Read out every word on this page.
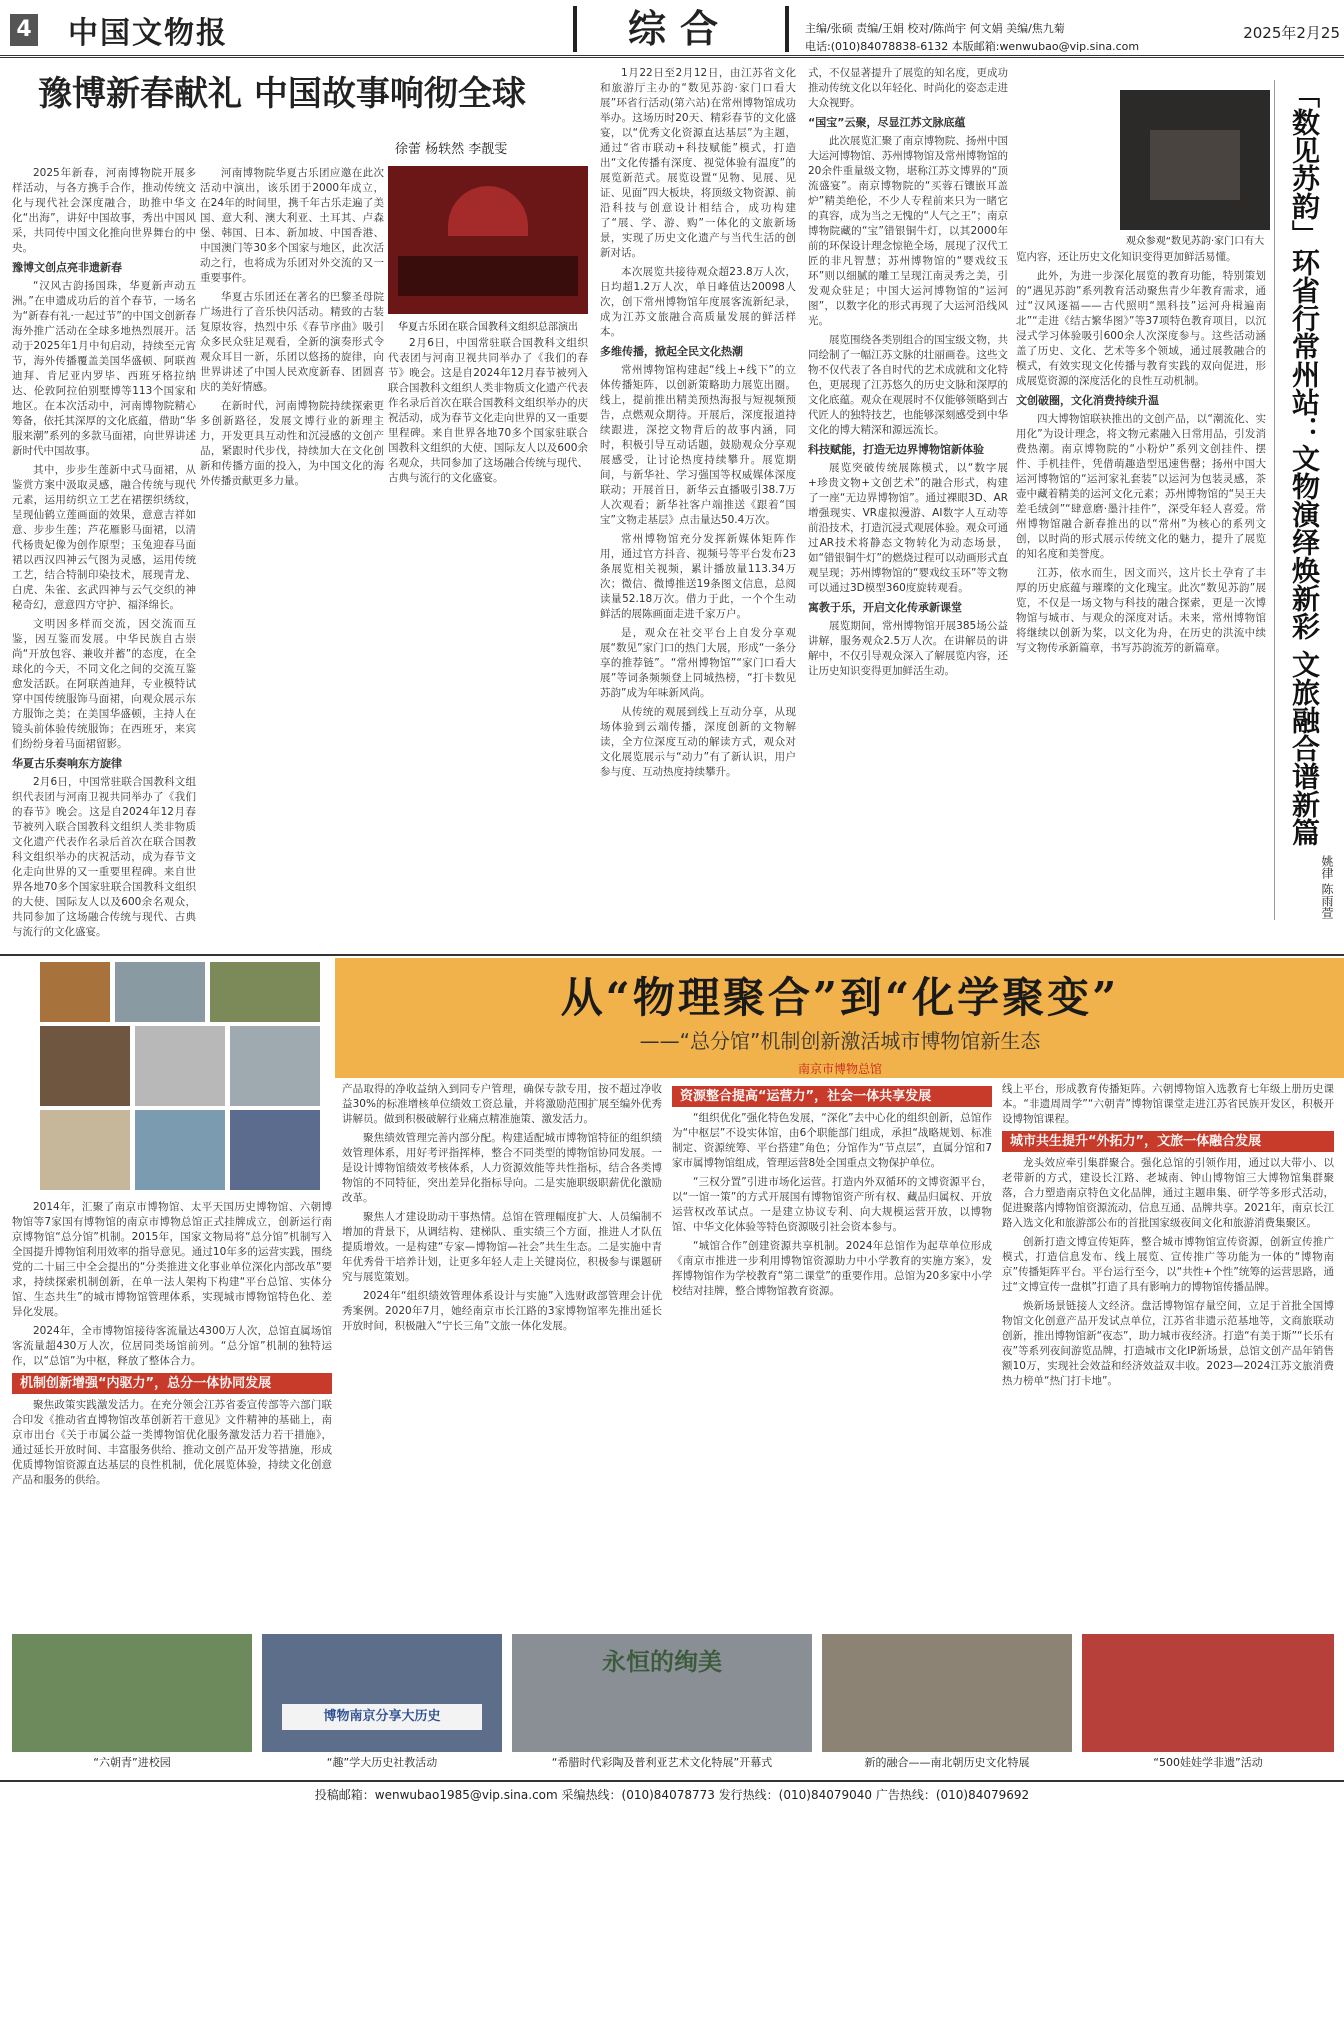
4 中国文物报	综合	主编/张硕 责编/王娟 校对/陈尚宇 何文娟 美编/焦九菊
电话:(010)84078838-6132 本版邮箱:wenwubao@vip.sina.com
2025年2月25
豫博新春献礼 中国故事响彻全球
徐蕾 杨轶然 李靓雯

2025年新春，河南博物院开展多样活动，与各方携手合作，推动传统文化与现代社会深度融合，助推中华文化“出海”，讲好中国故事，秀出中国风采，共同传中国文化推向世界舞台的中央。

豫博文创点亮非遗新春

“汉风古韵扬国珠，华夏新声动五洲。”在申遗成功后的首个春节，一场名为“新春有礼·一起过节”的中国文创新春海外推广活动在全球多地热烈展开。活动于2025年1月中旬启动，持续至元宵节，海外传播覆盖美国华盛顿、阿联酋迪拜、肯尼亚内罗毕、西班牙格拉纳达、伦敦阿拉伯别墅博等113个国家和地区。在本次活动中，河南博物院精心筹备，依托其深厚的文化底蕴，借助“华服来潮”系列的多款马面裙，向世界讲述新时代中国故事。

其中，步步生莲新中式马面裙，从鉴赏方案中汲取灵感，融合传统与现代元素，运用纺织立工艺在裙摆织绣纹，呈现仙鹤立莲画面的效果，意意吉祥如意、步步生莲；芦花雁影马面裙，以清代杨贵妃像为创作原型；玉兔迎春马面裙以西汉四神云气图为灵感，运用传统工艺，结合特制印染技术，展现青龙、白虎、朱雀、玄武四神与云气交织的神秘奇幻，意意四方守护、福泽绵长。

文明因多样而交流，因交流而互鉴，因互鉴而发展。中华民族自古崇尚“开放包容、兼收并蓄”的态度，在全球化的今天，不同文化之间的交流互鉴愈发活跃。在阿联酋迪拜，专业模特试穿中国传统服饰马面裙，向观众展示东方服饰之美；在美国华盛顿，主持人在镜头前体验传统服饰；在西班牙，来宾们纷纷身着马面裙留影。

华夏古乐奏响东方旋律

2月6日，中国常驻联合国教科文组织代表团与河南卫视共同举办了《我们的春节》晚会。这是自2024年12月春节被列入联合国教科文组织人类非物质文化遗产代表作名录后首次在联合国教科文组织举办的庆祝活动，成为春节文化走向世界的又一重要里程碑。来自世界各地70多个国家驻联合国教科文组织的大使、国际友人以及600余名观众，共同参加了这场融合传统与现代、古典与流行的文化盛宴。

河南博物院华夏古乐团应邀在此次活动中演出，该乐团于2000年成立，在24年的时间里，携千年古乐走遍了美国、意大利、澳大利亚、土耳其、卢森堡、韩国、日本、新加坡、中国香港、中国澳门等30多个国家与地区，此次活动之行，也将成为乐团对外交流的又一重要事件。

华夏古乐团还在著名的巴黎圣母院广场进行了音乐快闪活动。精致的古装复原妆容，热烈中乐《春节序曲》吸引众多民众驻足观看，全新的演奏形式令观众耳目一新，乐团以悠扬的旋律，向世界讲述了中国人民欢度新春、团圆喜庆的美好情感。

在新时代，河南博物院持续探索更多创新路径，发展文博行业的新理主力，开发更具互动性和沉浸感的文创产品，紧跟时代步伐，持续加大在文化创新和传播方面的投入，为中国文化的海外传播贡献更多力量。

华夏古乐团在联合国教科文组织总部演出

2月6日，中国常驻联合国教科文组织代表团与河南卫视共同举办了《我们的春节》晚会。这是自2024年12月春节被列入联合国教科文组织人类非物质文化遗产代表作名录后首次在联合国教科文组织举办的庆祝活动，成为春节文化走向世界的又一重要里程碑。来自世界各地70多个国家驻联合国教科文组织的大使、国际友人以及600余名观众，共同参加了这场融合传统与现代、古典与流行的文化盛宴。

1月22日至2月12日，由江苏省文化和旅游厅主办的“数见苏韵·家门口看大展”环省行活动(第六站)在常州博物馆成功举办。这场历时20天、精彩春节的文化盛宴，以“优秀文化资源直达基层”为主题，通过“省市联动+科技赋能”模式，打造出“文化传播有深度、视觉体验有温度”的展览新范式。展览设置“见物、见展、见证、见面”四大板块，将顶级文物资源、前沿科技与创意设计相结合，成功构建了“展、学、游、购”一体化的文旅新场景，实现了历史文化遗产与当代生活的创新对话。

本次展览共接待观众超23.8万人次，日均超1.2万人次，单日峰值达20098人次，创下常州博物馆年度展客流新纪录，成为江苏文旅融合高质量发展的鲜活样本。

多维传播，掀起全民文化热潮

常州博物馆构建起“线上+线下”的立体传播矩阵，以创新策略助力展览出圈。线上，提前推出精美预热海报与短视频预告，点燃观众期待。开展后，深度报道持续跟进，深挖文物背后的故事内涵，同时，积极引导互动话题，鼓励观众分享观展感受，让讨论热度持续攀升。展览期间，与新华社、学习强国等权威媒体深度联动；开展首日，新华云直播吸引38.7万人次观看；新华社客户端推送《跟着“国宝”文物走基层》点击量达50.4万次。

常州博物馆充分发挥新媒体矩阵作用，通过官方抖音、视频号等平台发布23条展览相关视频，累计播放量113.34万次；微信、微博推送19条图文信息，总阅读量52.18万次。借力于此，一个个生动鲜活的展陈画面走进千家万户。

是，观众在社交平台上自发分享观展“数见”家门口的热门大展，形成“一条分享的推荐链”。“常州博物馆”“家门口看大展”等词条频频登上同城热榜，“打卡数见苏韵”成为年味新风尚。

从传统的观展到线上互动分享，从现场体验到云端传播，深度创新的文物解读，全方位深度互动的解读方式，观众对文化展览展示与“动力”有了新认识，用户参与度、互动热度持续攀升。

式，不仅显著提升了展览的知名度，更成功推动传统文化以年轻化、时尚化的姿态走进大众视野。

“国宝”云聚，尽显江苏文脉底蕴

此次展览汇聚了南京博物院、扬州中国大运河博物馆、苏州博物馆及常州博物馆的20余件重量级文物，堪称江苏文博界的“顶流盛宴”。南京博物院的“买蓉石镶嵌耳盖炉”精美绝伦，不少人专程前来只为一睹它的真容，成为当之无愧的“人气之王”；南京博物院藏的“宝”错银铜牛灯，以其2000年前的环保设计理念惊艳全场，展现了汉代工匠的非凡智慧；苏州博物馆的“婴戏纹玉环”则以细腻的雕工呈现江南灵秀之美，引发观众驻足；中国大运河博物馆的“运河图”，以数字化的形式再现了大运河沿线风光。

展览围绕各类别组合的国宝级文物，共同绘制了一幅江苏文脉的壮丽画卷。这些文物不仅代表了各自时代的艺术成就和文化特色，更展现了江苏悠久的历史文脉和深厚的文化底蕴。观众在观展时不仅能够领略到古代匠人的独特技艺，也能够深刻感受到中华文化的博大精深和源远流长。

科技赋能，打造无边界博物馆新体验

展览突破传统展陈模式，以“数字展+珍贵文物+文创艺术”的融合形式，构建了一座“无边界博物馆”。通过裸眼3D、AR增强现实、VR虚拟漫游、AI数字人互动等前沿技术，打造沉浸式观展体验。观众可通过AR技术将静态文物转化为动态场景，如“错银铜牛灯”的燃烧过程可以动画形式直观呈现；苏州博物馆的“婴戏纹玉环”等文物可以通过3D模型360度旋转观看。

寓教于乐，开启文化传承新课堂

展览期间，常州博物馆开展385场公益讲解，服务观众2.5万人次。在讲解员的讲解中，不仅引导观众深入了解展览内容，还让历史知识变得更加鲜活生动。	「数见苏韵」环省行常州站：文物演绎焕新彩 文旅融合谱新篇
观众参观“数见苏韵·家门口有大

览内容，还让历史文化知识变得更加鲜活易懂。

此外，为进一步深化展览的教育功能，特别策划的“遇见苏韵”系列教育活动聚焦青少年教育需求，通过“汉风逐福——古代照明“黑科技”运河舟楫遍南北”“走进《结古繁华图》”等37项特色教育项目，以沉浸式学习体验吸引600余人次深度参与。这些活动涵盖了历史、文化、艺术等多个领域，通过展教融合的模式，有效实现文化传播与教育实践的双向促进，形成展览资源的深度活化的良性互动机制。

文创破圈，文化消费持续升温

四大博物馆联袂推出的文创产品，以“潮流化、实用化”为设计理念，将文物元素融入日常用品，引发消费热潮。南京博物院的“小粉炉”系列文创挂件、摆件、手机挂件，凭借萌趣造型迅速售罄；扬州中国大运河博物馆的“运河家礼套装”以运河为包装灵感，茶壶中藏着精美的运河文化元素；苏州博物馆的“吴王夫差毛绒剑”“肆意磨·墨汁挂件”，深受年轻人喜爱。常州博物馆融合新春推出的以“常州”为核心的系列文创，以时尚的形式展示传统文化的魅力，提升了展览的知名度和美誉度。

江苏，依水而生，因文而兴，这片长土孕育了丰厚的历史底蕴与璀璨的文化瑰宝。此次“数见苏韵”展览，不仅是一场文物与科技的融合探索，更是一次博物馆与城市、与观众的深度对话。未来，常州博物馆将继续以创新为桨，以文化为舟，在历史的洪流中续写文物传承新篇章，书写苏韵流芳的新篇章。

姚律 陈雨萱
从“物理聚合”到“化学聚变”
——“总分馆”机制创新激活城市博物馆新生态
南京市博物总馆

2014年，汇聚了南京市博物馆、太平天国历史博物馆、六朝博物馆等7家国有博物馆的南京市博物总馆正式挂牌成立，创新运行南京博物馆“总分馆”机制。2015年，国家文物局将“总分馆”机制写入全国提升博物馆利用效率的指导意见。通过10年多的运营实践，围绕党的二十届三中全会提出的“分类推进文化事业单位深化内部改革”要求，持续探索机制创新，在单一法人架构下构建“平台总馆、实体分馆、生态共生”的城市博物馆管理体系，实现城市博物馆特色化、差异化发展。

2024年，全市博物馆接待客流量达4300万人次，总馆直属场馆客流量超430万人次，位居同类场馆前列。“总分馆”机制的独特运作，以“总馆”为中枢，释放了整体合力。

机制创新增强“内驱力”，总分一体协同发展

聚焦政策实践激发活力。在充分领会江苏省委宣传部等六部门联合印发《推动省直博物馆改革创新若干意见》文件精神的基础上，南京市出台《关于市属公益一类博物馆优化服务激发活力若干措施》，通过延长开放时间、丰富服务供给、推动文创产品开发等措施，形成优质博物馆资源直达基层的良性机制，优化展览体验，持续文化创意产品和服务的供给。

产品取得的净收益纳入到同专户管理，确保专款专用，按不超过净收益30%的标准增核单位绩效工资总量，并将激励范围扩展至编外优秀讲解员。做到积极破解行业痛点精准施策、激发活力。

聚焦绩效管理完善内部分配。构建适配城市博物馆特征的组织绩效管理体系，用好考评指挥棒，整合不同类型的博物馆协同发展。一是设计博物馆绩效考核体系，人力资源效能等共性指标，结合各类博物馆的不同特征，突出差异化指标导向。二是实施职级职薪优化激励改革。

聚焦人才建设助动干事热情。总馆在管理幅度扩大、人员编制不增加的背景下，从调结构、建梯队、重实绩三个方面，推进人才队伍提质增效。一是构建“专家—博物馆—社会”共生生态。二是实施中青年优秀骨干培养计划，让更多年轻人走上关键岗位，积极参与课题研究与展览策划。

2024年“组织绩效管理体系设计与实施”入选财政部管理会计优秀案例。2020年7月，她经南京市长江路的3家博物馆率先推出延长开放时间，积极融入“宁长三角”文旅一体化发展。

资源整合提高“运营力”，社会一体共享发展

“组织优化”强化特色发展，“深化”去中心化的组织创新，总馆作为“中枢层”不设实体馆，由6个职能部门组成，承担“战略规划、标准制定、资源统筹、平台搭建”角色；分馆作为“节点层”，直属分馆和7家市属博物馆组成，管理运营8处全国重点文物保护单位。

“三权分置”引进市场化运营。打造内外双循环的文博资源平台，以“一馆一策”的方式开展国有博物馆资产所有权、藏品归属权、开放运营权改革试点。一是建立协议专利、向大规模运营开放，以博物馆、中华文化体验等特色资源吸引社会资本参与。

“城馆合作”创建资源共享机制。2024年总馆作为起草单位形成《南京市推进一步利用博物馆资源助力中小学教育的实施方案》，发挥博物馆作为学校教育“第二课堂”的重要作用。总馆为20多家中小学校结对挂牌，整合博物馆教育资源。

线上平台，形成教育传播矩阵。六朝博物馆入选教育七年级上册历史课本。“非遗周周学”“六朝青”博物馆课堂走进江苏省民族开发区，积极开设博物馆课程。

城市共生提升“外拓力”，文旅一体融合发展

龙头效应牵引集群聚合。强化总馆的引领作用，通过以大带小、以老带新的方式，建设长江路、老城南、钟山博物馆三大博物馆集群聚落，合力塑造南京特色文化品牌，通过主题串集、研学等多形式活动，促进聚落内博物馆资源流动，信息互通、品牌共享。2021年，南京长江路入选文化和旅游部公布的首批国家级夜间文化和旅游消费集聚区。

创新打造文博宣传矩阵，整合城市博物馆宣传资源，创新宣传推广模式，打造信息发布、线上展览、宣传推广等功能为一体的“博物南京”传播矩阵平台。平台运行至今，以“共性+个性”统筹的运营思路，通过“文博宣传一盘棋”打造了具有影响力的博物馆传播品牌。

焕新场景链接人文经济。盘活博物馆存量空间，立足于首批全国博物馆文化创意产品开发试点单位，江苏省非遗示范基地等，文商旅联动创新，推出博物馆新“夜态”，助力城市夜经济。打造“有美于斯”“长乐有夜”等系列夜间游览品牌，打造城市文化IP新场景，总馆文创产品年销售额10万，实现社会效益和经济效益双丰收。2023—2024江苏文旅消费热力榜单“热门打卡地”。

“六朝青”进校园
博物南京分享大历史
“趣”学大历史社教活动
永恒的绚美
“希腊时代彩陶及普利亚艺术文化特展”开幕式	新的融合——南北朝历史文化特展	“500娃娃学非遗”活动
投稿邮箱：wenwubao1985@vip.sina.com 采编热线：(010)84078773 发行热线：(010)84079040 广告热线：(010)84079692
